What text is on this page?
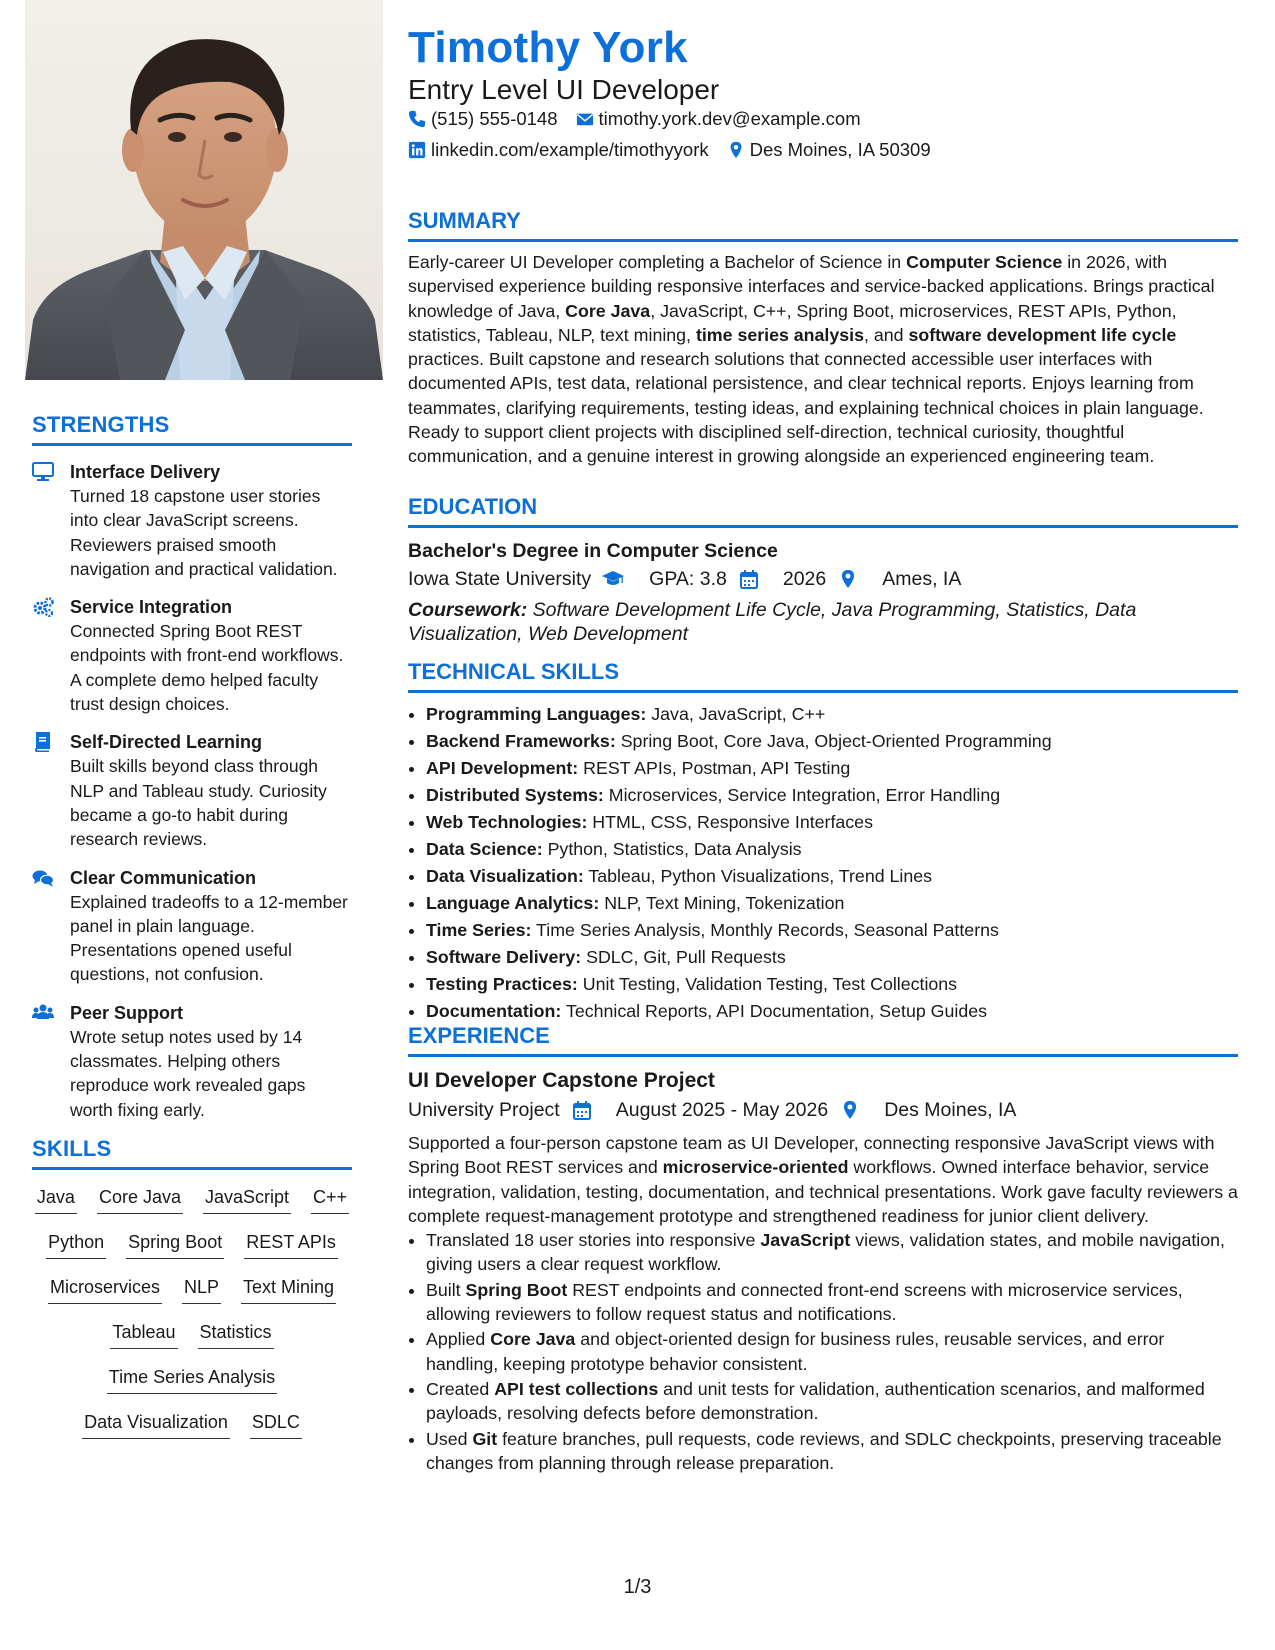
STRENGTHS
Interface Delivery
Turned 18 capstone user stories into clear JavaScript screens. Reviewers praised smooth navigation and practical validation.
Service Integration
Connected Spring Boot REST endpoints with front-end workflows. A complete demo helped faculty trust design choices.
Self-Directed Learning
Built skills beyond class through NLP and Tableau study. Curiosity became a go-to habit during research reviews.
Clear Communication
Explained tradeoffs to a 12-member panel in plain language. Presentations opened useful questions, not confusion.
Peer Support
Wrote setup notes used by 14 classmates. Helping others reproduce work revealed gaps worth fixing early.
SKILLS
Java Core Java JavaScript C++
Python Spring Boot REST APIs
Microservices NLP Text Mining
Tableau Statistics
Time Series Analysis
Data Visualization SDLC
Timothy York
Entry Level UI Developer
(515) 555-0148 timothy.york.dev@example.com
linkedin.com/example/timothyyork Des Moines, IA 50309
SUMMARY
Early-career UI Developer completing a Bachelor of Science in Computer Science in 2026, with supervised experience building responsive interfaces and service-backed applications. Brings practical knowledge of Java, Core Java, JavaScript, C++, Spring Boot, microservices, REST APIs, Python, statistics, Tableau, NLP, text mining, time series analysis, and software development life cycle practices. Built capstone and research solutions that connected accessible user interfaces with documented APIs, test data, relational persistence, and clear technical reports. Enjoys learning from teammates, clarifying requirements, testing ideas, and explaining technical choices in plain language. Ready to support client projects with disciplined self-direction, technical curiosity, thoughtful communication, and a genuine interest in growing alongside an experienced engineering team.
EDUCATION
Bachelor's Degree in Computer Science
Iowa State University	GPA: 3.8	2026	Ames, IA
Coursework: Software Development Life Cycle, Java Programming, Statistics, Data Visualization, Web Development
TECHNICAL SKILLS
• Programming Languages: Java, JavaScript, C++
• Backend Frameworks: Spring Boot, Core Java, Object-Oriented Programming
• API Development: REST APIs, Postman, API Testing
• Distributed Systems: Microservices, Service Integration, Error Handling
• Web Technologies: HTML, CSS, Responsive Interfaces
• Data Science: Python, Statistics, Data Analysis
• Data Visualization: Tableau, Python Visualizations, Trend Lines
• Language Analytics: NLP, Text Mining, Tokenization
• Time Series: Time Series Analysis, Monthly Records, Seasonal Patterns
• Software Delivery: SDLC, Git, Pull Requests
• Testing Practices: Unit Testing, Validation Testing, Test Collections
• Documentation: Technical Reports, API Documentation, Setup Guides
EXPERIENCE
UI Developer Capstone Project
University Project	August 2025 - May 2026	Des Moines, IA
Supported a four-person capstone team as UI Developer, connecting responsive JavaScript views with Spring Boot REST services and microservice-oriented workflows. Owned interface behavior, service integration, validation, testing, documentation, and technical presentations. Work gave faculty reviewers a complete request-management prototype and strengthened readiness for junior client delivery.
• Translated 18 user stories into responsive JavaScript views, validation states, and mobile navigation, giving users a clear request workflow.
• Built Spring Boot REST endpoints and connected front-end screens with microservice services, allowing reviewers to follow request status and notifications.
• Applied Core Java and object-oriented design for business rules, reusable services, and error handling, keeping prototype behavior consistent.
• Created API test collections and unit tests for validation, authentication scenarios, and malformed payloads, resolving defects before demonstration.
• Used Git feature branches, pull requests, code reviews, and SDLC checkpoints, preserving traceable changes from planning through release preparation.
1/3
